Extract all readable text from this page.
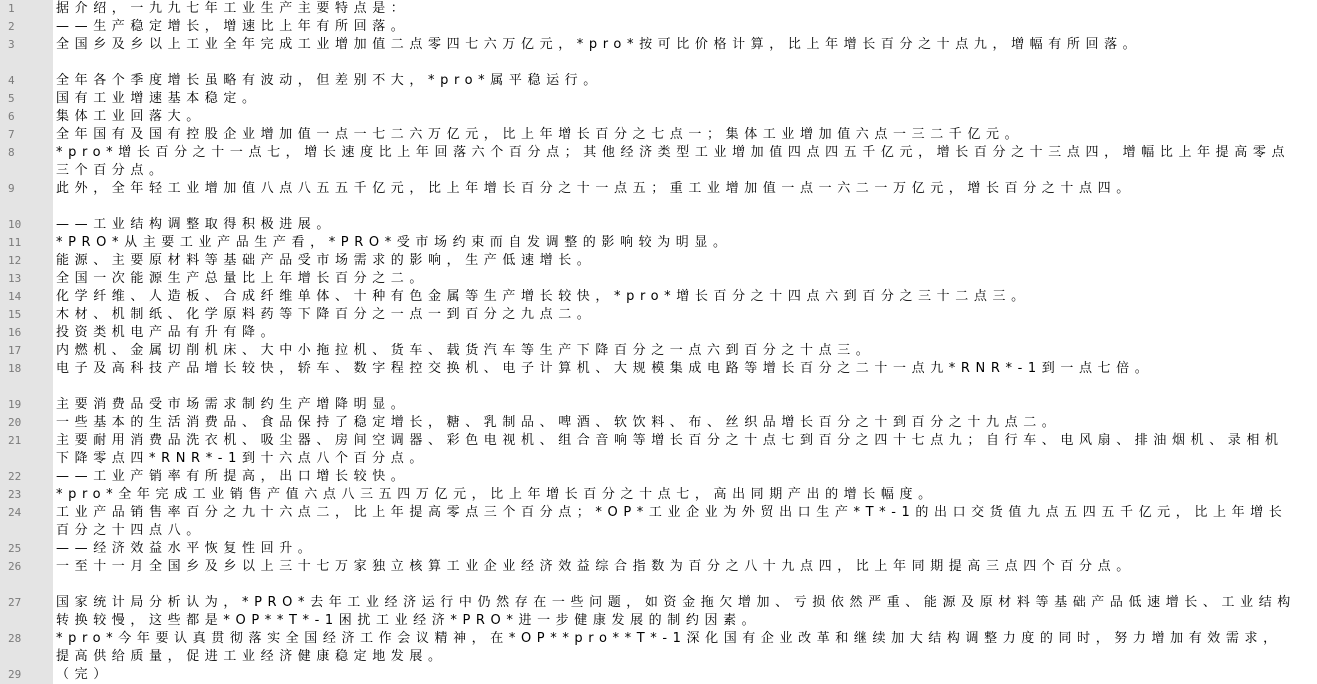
1	据介绍，一九九七年工业生产主要特点是：
2	——生产稳定增长，增速比上年有所回落。
3	全国乡及乡以上工业全年完成工业增加值二点零四七六万亿元，*pro*按可比价格计算，比上年增长百分之十点九，增幅有所回落。
4	全年各个季度增长虽略有波动，但差别不大，*pro*属平稳运行。
5	国有工业增速基本稳定。
6	集体工业回落大。
7	全年国有及国有控股企业增加值一点一七二六万亿元，比上年增长百分之七点一；集体工业增加值六点一三二千亿元。
8	*pro*增长百分之十一点七，增长速度比上年回落六个百分点；其他经济类型工业增加值四点四五千亿元，增长百分之十三点四，增幅比上年提高零点三个百分点。
9	此外，全年轻工业增加值八点八五五千亿元，比上年增长百分之十一点五；重工业增加值一点一六二一万亿元，增长百分之十点四。
10	——工业结构调整取得积极进展。
11	*PRO*从主要工业产品生产看，*PRO*受市场约束而自发调整的影响较为明显。
12	能源、主要原材料等基础产品受市场需求的影响，生产低速增长。
13	全国一次能源生产总量比上年增长百分之二。
14	化学纤维、人造板、合成纤维单体、十种有色金属等生产增长较快，*pro*增长百分之十四点六到百分之三十二点三。
15	木材、机制纸、化学原料药等下降百分之一点一到百分之九点二。
16	投资类机电产品有升有降。
17	内燃机、金属切削机床、大中小拖拉机、货车、载货汽车等生产下降百分之一点六到百分之十点三。
18	电子及高科技产品增长较快，轿车、数字程控交换机、电子计算机、大规模集成电路等增长百分之二十一点九*RNR*-1到一点七倍。
19	主要消费品受市场需求制约生产增降明显。
20	一些基本的生活消费品、食品保持了稳定增长，糖、乳制品、啤酒、软饮料、布、丝织品增长百分之十到百分之十九点二。
21	主要耐用消费品洗衣机、吸尘器、房间空调器、彩色电视机、组合音响等增长百分之十点七到百分之四十七点九；自行车、电风扇、排油烟机、录相机下降零点四*RNR*-1到十六点八个百分点。
22	——工业产销率有所提高，出口增长较快。
23	*pro*全年完成工业销售产值六点八三五四万亿元，比上年增长百分之十点七，高出同期产出的增长幅度。
24	工业产品销售率百分之九十六点二，比上年提高零点三个百分点；*OP*工业企业为外贸出口生产*T*-1的出口交货值九点五四五千亿元，比上年增长百分之十四点八。
25	——经济效益水平恢复性回升。
26	一至十一月全国乡及乡以上三十七万家独立核算工业企业经济效益综合指数为百分之八十九点四，比上年同期提高三点四个百分点。
27	国家统计局分析认为，*PRO*去年工业经济运行中仍然存在一些问题，如资金拖欠增加、亏损依然严重、能源及原材料等基础产品低速增长、工业结构转换较慢，这些都是*OP**T*-1困扰工业经济*PRO*进一步健康发展的制约因素。
28	*pro*今年要认真贯彻落实全国经济工作会议精神，在*OP**pro**T*-1深化国有企业改革和继续加大结构调整力度的同时，努力增加有效需求，提高供给质量，促进工业经济健康稳定地发展。
29	（完）
